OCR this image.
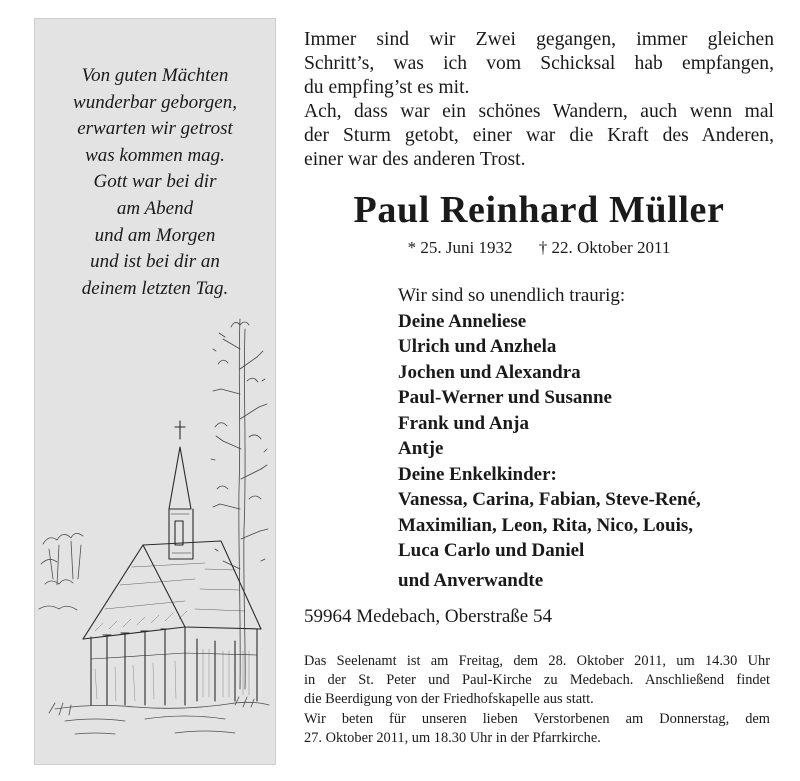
Von guten Mächten
wunderbar geborgen,
erwarten wir getrost
was kommen mag.
Gott war bei dir
am Abend
und am Morgen
und ist bei dir an
deinem letzten Tag.
Immer sind wir Zwei gegangen, immer gleichen
Schritt’s, was ich vom Schicksal hab empfangen,
du empfing’st es mit.
Ach, dass war ein schönes Wandern, auch wenn mal
der Sturm getobt, einer war die Kraft des Anderen,
einer war des anderen Trost.
Paul Reinhard Müller
* 25. Juni 1932 † 22. Oktober 2011
Wir sind so unendlich traurig:
Deine Anneliese
Ulrich und Anzhela
Jochen und Alexandra
Paul-Werner und Susanne
Frank und Anja
Antje
Deine Enkelkinder:
Vanessa, Carina, Fabian, Steve-René,
Maximilian, Leon, Rita, Nico, Louis,
Luca Carlo und Daniel
und Anverwandte
59964 Medebach, Oberstraße 54
Das Seelenamt ist am Freitag, dem 28. Oktober 2011, um 14.30 Uhr
in der St. Peter und Paul-Kirche zu Medebach. Anschließend findet
die Beerdigung von der Friedhofskapelle aus statt.
Wir beten für unseren lieben Verstorbenen am Donnerstag, dem
27. Oktober 2011, um 18.30 Uhr in der Pfarrkirche.
